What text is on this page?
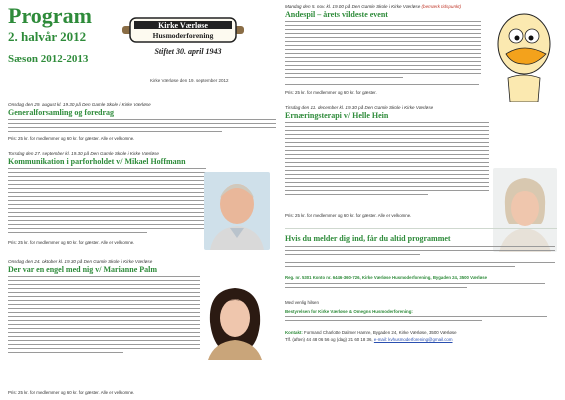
Program
2. halvår 2012
Sæson 2012-2013
Kirke Værløse
Husmoderforening
Stiftet 30. april 1943
Kirke Værløse den 19. september 2012
Onsdag den 29. august kl. 19.30 på Den Gamle Skole i Kirke Værløse
Generalforsamling og foredrag
Pris: 25 kr. for medlemmer og 60 kr. for gæster. Alle er velkomne.
Torsdag den 27. september kl. 19.30 på Den Gamle Skole i Kirke Værløse
Kommunikation i parforholdet v/ Mikael Hoffmann
Pris: 25 kr. for medlemmer og 60 kr. for gæster. Alle er velkomne.
Onsdag den 24. oktober kl. 19.30 på Den Gamle Skole i Kirke Værløse
Der var en engel med nig v/ Marianne Palm
Pris: 25 kr. for medlemmer og 60 kr. for gæster. Alle er velkomne.
Mandag den 5. nov. kl. 19.00 på Den Gamle Skole i Kirke Værløse (bemærk tidspunkt)
Andespil – årets vildeste event
Pris: 25 kr. for medlemmer og 60 kr. for gæster.
Tirsdag den 11. december kl. 19.30 på Den Gamle Skole i Kirke Værløse
Ernæringsterapi v/ Helle Hein
Pris: 25 kr. for medlemmer og 60 kr. for gæster. Alle er velkomne.
Hvis du melder dig ind, får du altid programmet
Reg. nr. 5301 Konto nr. 6446-360-726, Kirke Værløse Husmoderforening, Bygaden 24, 3500 Værløse
Med venlig hilsen
Bestyrelsen for Kirke Værløse & Omegns Husmoderforening:
Kontakt: Formand Charlotte Dalmer Hamre, Bygaden 24, Kirke Værløse, 3500 Værløse
Tlf. (aften) 44 48 06 56 og (dag) 21 60 18 36, e-mail: kvhusmoderforening@gmail.com
